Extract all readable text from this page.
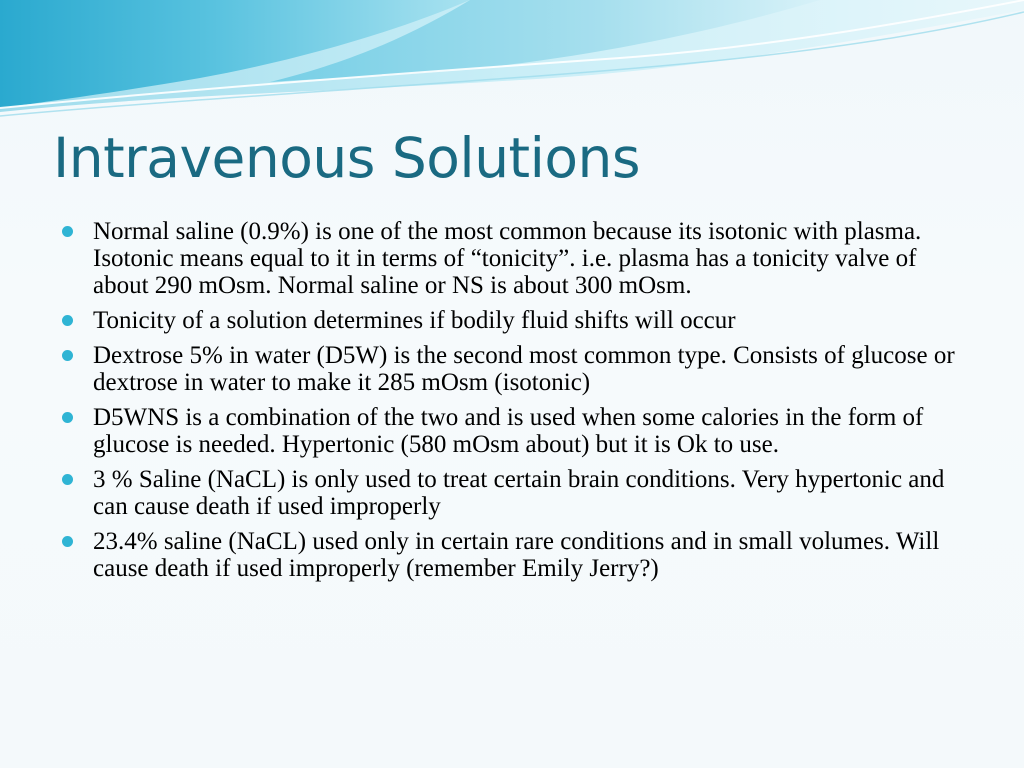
Intravenous Solutions
Normal saline (0.9%) is one of the most common because its isotonic with plasma. Isotonic means equal to it in terms of “tonicity”. i.e. plasma has a tonicity valve of about 290 mOsm. Normal saline or NS is about 300 mOsm.
Tonicity of a solution determines if bodily fluid shifts will occur
Dextrose 5% in water (D5W) is the second most common type. Consists of glucose or dextrose in water to make it 285 mOsm (isotonic)
D5WNS is a combination of the two and is used when some calories in the form of glucose is needed. Hypertonic (580 mOsm about) but it is Ok to use.
3 % Saline (NaCL) is only used to treat certain brain conditions. Very hypertonic and can cause death if used improperly
23.4% saline (NaCL) used only in certain rare conditions and in small volumes. Will cause death if used improperly (remember Emily Jerry?)
